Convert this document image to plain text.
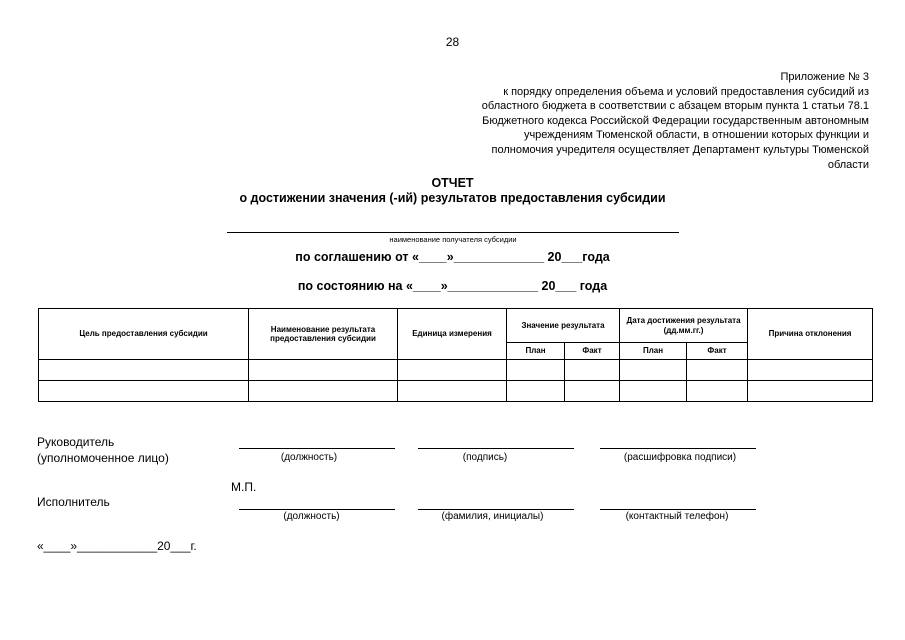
28
Приложение № 3
к порядку определения объема и условий предоставления субсидий из
областного бюджета в соответствии с абзацем вторым пункта 1 статьи 78.1
Бюджетного кодекса Российской Федерации государственным автономным
учреждениям Тюменской области, в отношении которых функции и
полномочия учредителя осуществляет Департамент культуры Тюменской
области
ОТЧЕТ
о достижении значения (-ий) результатов предоставления субсидии
наименование получателя субсидии
по соглашению от «____»_____________ 20___года
по состоянию на «____»_____________ 20___ года
Цель предоставления субсидии	Наименование результата предоставления субсидии	Единица измерения	Значение результата		Дата достижения результата (дд.мм.гг.)		Причина отклонения
			План	Факт	План	Факт	

Руководитель
(уполномоченное лицо)	(должность)	(подпись)	(расшифровка подписи)
М.П.
Исполнитель
(должность)	(фамилия, инициалы)	(контактный телефон)
«____»____________20___г.
